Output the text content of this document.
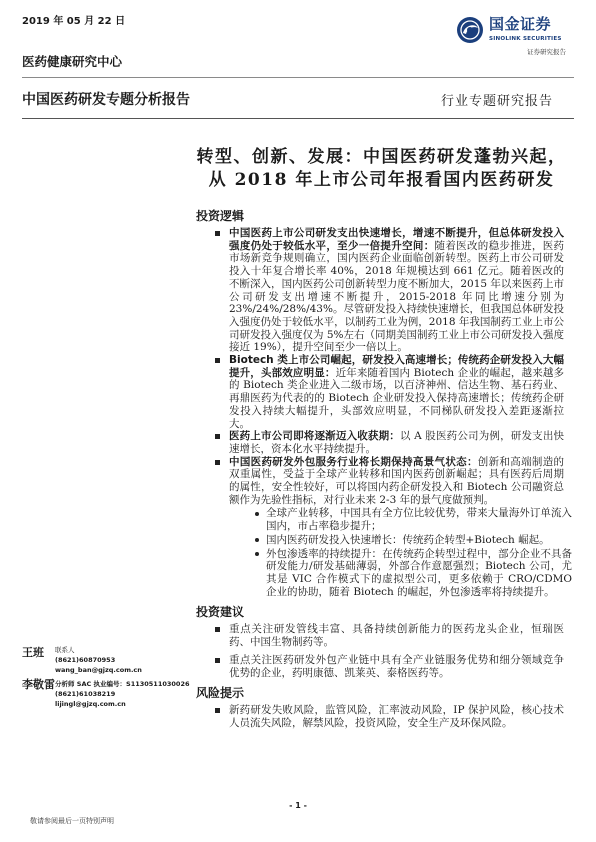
2019 年 05 月 22 日	国金证券
SINOLINK SECURITIES
证券研究报告
医药健康研究中心
中国医药研发专题分析报告	行业专题研究报告
转型、创新、发展：中国医药研发蓬勃兴起，
从 2018 年上市公司年报看国内医药研发
投资逻辑
中国医药上市公司研发支出快速增长，增速不断提升，但总体研发投入强度仍处于较低水平，至少一倍提升空间：随着医改的稳步推进，医药市场新竞争规则确立，国内医药企业面临创新转型。医药上市公司研发投入十年复合增长率 40%，2018 年规模达到 661 亿元。随着医改的不断深入，国内医药公司创新转型力度不断加大，2015 年以来医药上市公司研发支出增速不断提升，2015-2018 年同比增速分别为 23%/24%/28%/43%。尽管研发投入持续快速增长，但我国总体研发投入强度仍处于较低水平，以制药工业为例，2018 年我国制药工业上市公司研发投入强度仅为 5%左右（同期美国制药工业上市公司研发投入强度接近 19%），提升空间至少一倍以上。
Biotech 类上市公司崛起，研发投入高速增长；传统药企研发投入大幅提升，头部效应明显：近年来随着国内 Biotech 企业的崛起，越来越多的 Biotech 类企业进入二级市场，以百济神州、信达生物、基石药业、再鼎医药为代表的的 Biotech 企业研发投入保持高速增长；传统药企研发投入持续大幅提升，头部效应明显，不同梯队研发投入差距逐渐拉大。
医药上市公司即将逐渐迈入收获期：以 A 股医药公司为例，研发支出快速增长，资本化水平持续提升。
中国医药研发外包服务行业将长期保持高景气状态：创新和高端制造的双重属性，受益于全球产业转移和国内医药创新崛起；具有医药后周期的属性，安全性较好，可以将国内药企研发投入和 Biotech 公司融资总额作为先验性指标，对行业未来 2-3 年的景气度做预判。
全球产业转移，中国具有全方位比较优势，带来大量海外订单流入国内，市占率稳步提升；
国内医药研发投入快速增长：传统药企转型+Biotech 崛起。
外包渗透率的持续提升：在传统药企转型过程中，部分企业不具备研发能力/研发基础薄弱，外部合作意愿强烈；Biotech 公司，尤其是 VIC 合作模式下的虚拟型公司，更多依赖于 CRO/CDMO 企业的协助，随着 Biotech 的崛起，外包渗透率将持续提升。
投资建议
重点关注研发管线丰富、具备持续创新能力的医药龙头企业，恒瑞医药、中国生物制药等。
重点关注医药研发外包产业链中具有全产业链服务优势和细分领域竞争优势的企业，药明康德、凯莱英、泰格医药等。
风险提示
新药研发失败风险，监管风险，汇率波动风险，IP 保护风险，核心技术人员流失风险，解禁风险，投资风险，安全生产及环保风险。
王班 联系人
(8621)60870953
wang_ban@gjzq.com.cn
李敬雷 分析师 SAC 执业编号：S1130511030026
(8621)61038219
lijingl@gjzq.com.cn
- 1 -
敬请参阅最后一页特别声明
